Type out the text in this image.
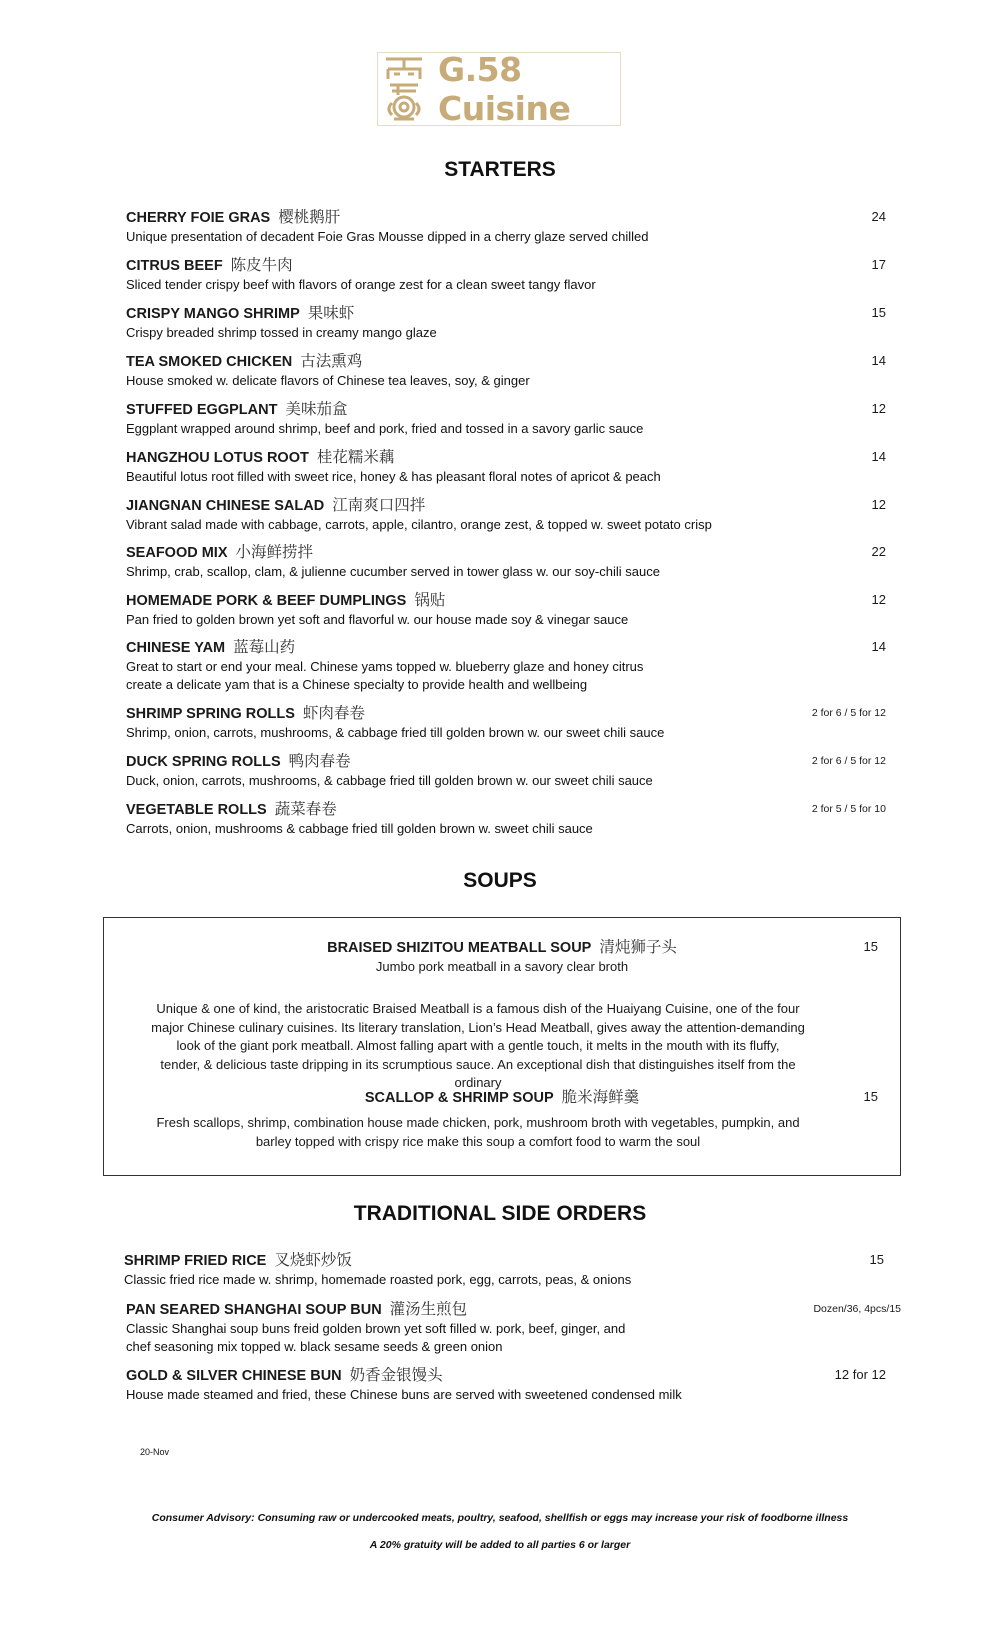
G.58 Cuisine
STARTERS
CHERRY FOIE GRAS 樱桃鹅肝	24
Unique presentation of decadent Foie Gras Mousse dipped in a cherry glaze served chilled
CITRUS BEEF 陈皮牛肉	17
Sliced tender crispy beef with flavors of orange zest for a clean sweet tangy flavor
CRISPY MANGO SHRIMP 果味虾	15
Crispy breaded shrimp tossed in creamy mango glaze
TEA SMOKED CHICKEN 古法熏鸡	14
House smoked w. delicate flavors of Chinese tea leaves, soy, & ginger
STUFFED EGGPLANT 美味茄盒	12
Eggplant wrapped around shrimp, beef and pork, fried and tossed in a savory garlic sauce
HANGZHOU LOTUS ROOT 桂花糯米藕	14
Beautiful lotus root filled with sweet rice, honey & has pleasant floral notes of apricot & peach
JIANGNAN CHINESE SALAD 江南爽口四拌	12
Vibrant salad made with cabbage, carrots, apple, cilantro, orange zest, & topped w. sweet potato crisp
SEAFOOD MIX 小海鲜捞拌	22
Shrimp, crab, scallop, clam, & julienne cucumber served in tower glass w. our soy-chili sauce
HOMEMADE PORK & BEEF DUMPLINGS 锅贴	12
Pan fried to golden brown yet soft and flavorful w. our house made soy & vinegar sauce
CHINESE YAM 蓝莓山药	14
Great to start or end your meal. Chinese yams topped w. blueberry glaze and honey citrus
create a delicate yam that is a Chinese specialty to provide health and wellbeing
SHRIMP SPRING ROLLS 虾肉春卷	2 for 6 / 5 for 12
Shrimp, onion, carrots, mushrooms, & cabbage fried till golden brown w. our sweet chili sauce
DUCK SPRING ROLLS 鸭肉春卷	2 for 6 / 5 for 12
Duck, onion, carrots, mushrooms, & cabbage fried till golden brown w. our sweet chili sauce
VEGETABLE ROLLS 蔬菜春卷	2 for 5 / 5 for 10
Carrots, onion, mushrooms & cabbage fried till golden brown w. sweet chili sauce
SOUPS
BRAISED SHIZITOU MEATBALL SOUP 清炖狮子头	15
Jumbo pork meatball in a savory clear broth
Unique & one of kind, the aristocratic Braised Meatball is a famous dish of the Huaiyang Cuisine, one of the four
major Chinese culinary cuisines. Its literary translation, Lion’s Head Meatball, gives away the attention-demanding
look of the giant pork meatball. Almost falling apart with a gentle touch, it melts in the mouth with its fluffy,
tender, & delicious taste dripping in its scrumptious sauce. An exceptional dish that distinguishes itself from the
ordinary
SCALLOP & SHRIMP SOUP 脆米海鲜羹	15
Fresh scallops, shrimp, combination house made chicken, pork, mushroom broth with vegetables, pumpkin, and
barley topped with crispy rice make this soup a comfort food to warm the soul
TRADITIONAL SIDE ORDERS
SHRIMP FRIED RICE 叉烧虾炒饭	15
Classic fried rice made w. shrimp, homemade roasted pork, egg, carrots, peas, & onions
PAN SEARED SHANGHAI SOUP BUN 灌汤生煎包	Dozen/36, 4pcs/15
Classic Shanghai soup buns freid golden brown yet soft filled w. pork, beef, ginger, and
chef seasoning mix topped w. black sesame seeds & green onion
GOLD & SILVER CHINESE BUN 奶香金银馒头	12 for 12
House made steamed and fried, these Chinese buns are served with sweetened condensed milk
20-Nov
Consumer Advisory: Consuming raw or undercooked meats, poultry, seafood, shellfish or eggs may increase your risk of foodborne illness
A 20% gratuity will be added to all parties 6 or larger
